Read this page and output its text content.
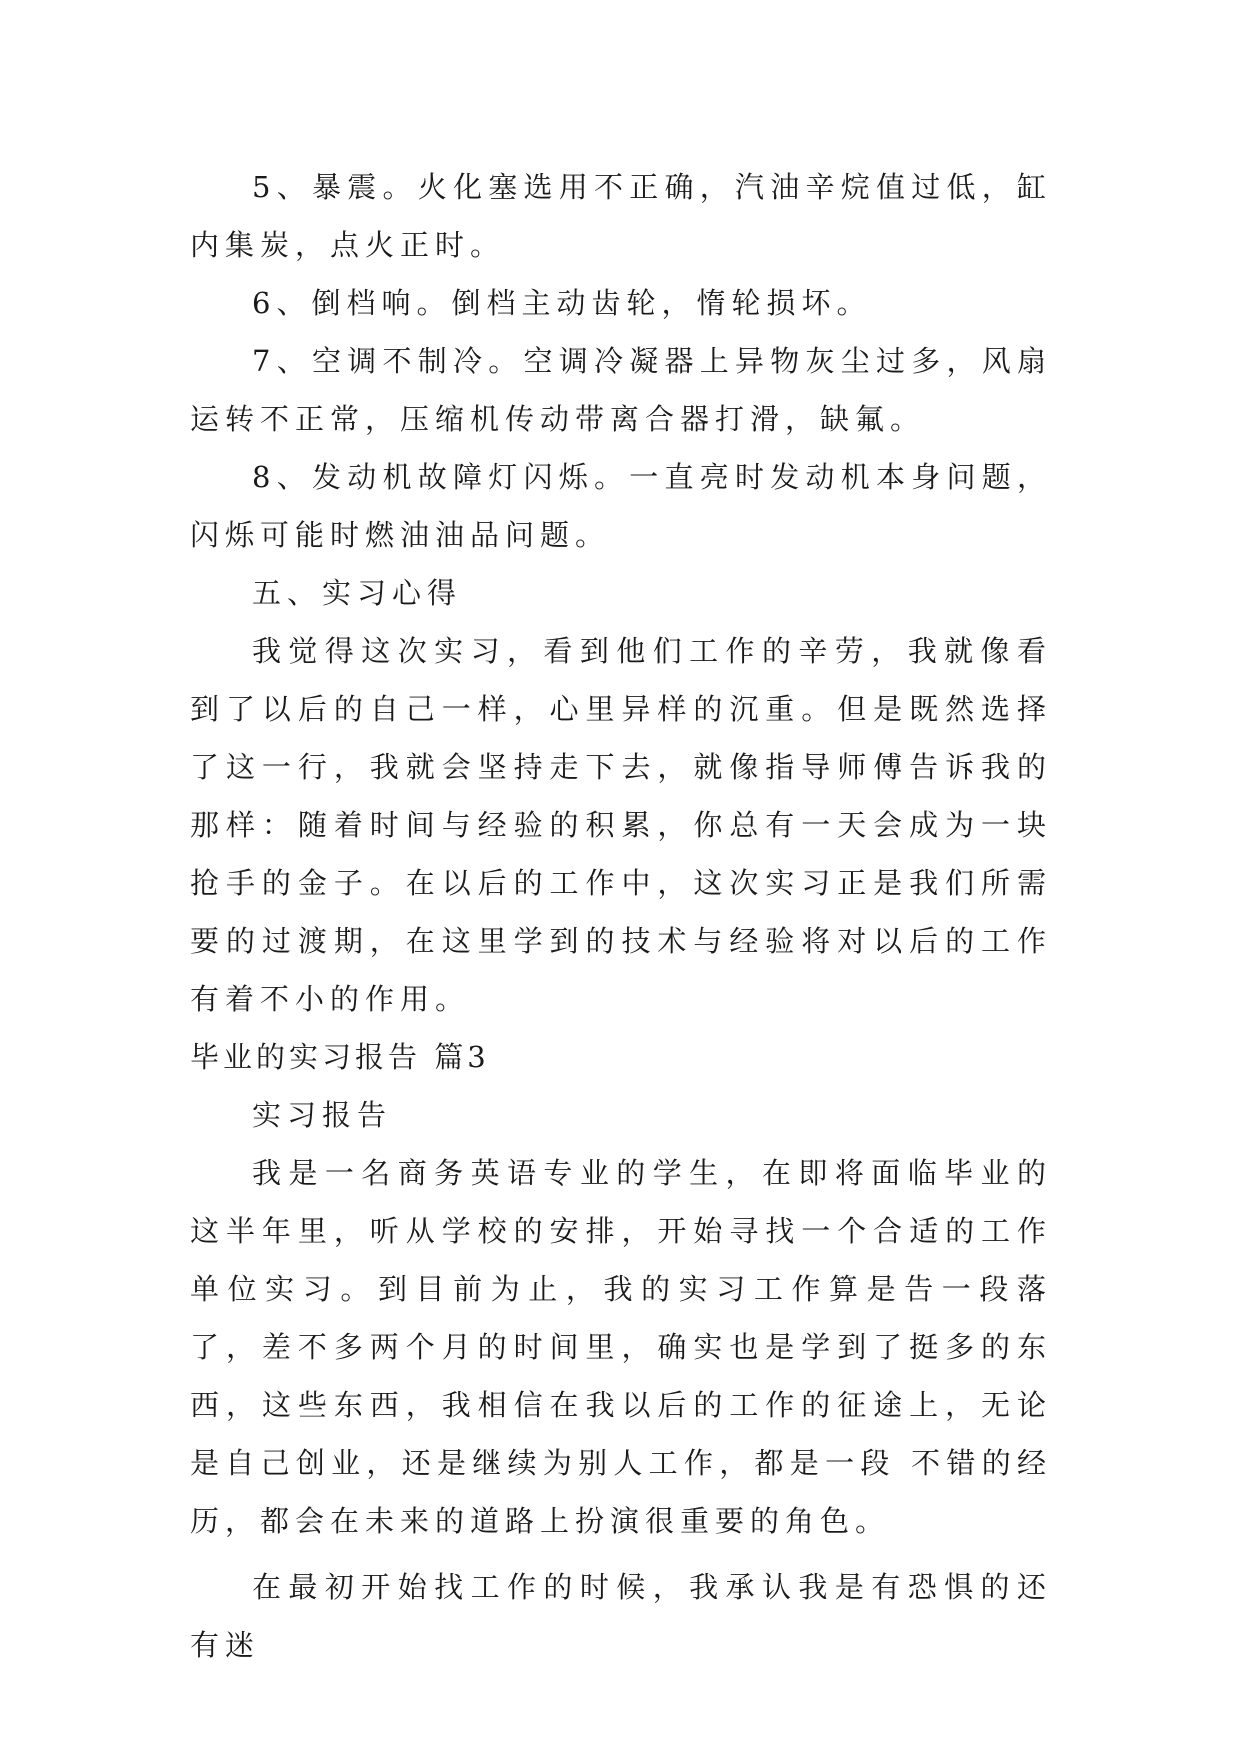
5、暴震。火化塞选用不正确，汽油辛烷值过低，缸内集炭，点火正时。

6、倒档响。倒档主动齿轮，惰轮损坏。

7、空调不制冷。空调冷凝器上异物灰尘过多，风扇运转不正常，压缩机传动带离合器打滑，缺氟。

8、发动机故障灯闪烁。一直亮时发动机本身问题，闪烁可能时燃油油品问题。

五、实习心得

我觉得这次实习，看到他们工作的辛劳，我就像看到了以后的自己一样，心里异样的沉重。但是既然选择了这一行，我就会坚持走下去，就像指导师傅告诉我的那样：随着时间与经验的积累，你总有一天会成为一块抢手的金子。在以后的工作中，这次实习正是我们所需要的过渡期，在这里学到的技术与经验将对以后的工作有着不小的作用。

毕业的实习报告 篇3

实习报告

我是一名商务英语专业的学生，在即将面临毕业的这半年里，听从学校的安排，开始寻找一个合适的工作单位实习。到目前为止，我的实习工作算是告一段落了，差不多两个月的时间里，确实也是学到了挺多的东西，这些东西，我相信在我以后的工作的征途上，无论是自己创业，还是继续为别人工作，都是一段 不错的经历，都会在未来的道路上扮演很重要的角色。

在最初开始找工作的时候，我承认我是有恐惧的还有迷
